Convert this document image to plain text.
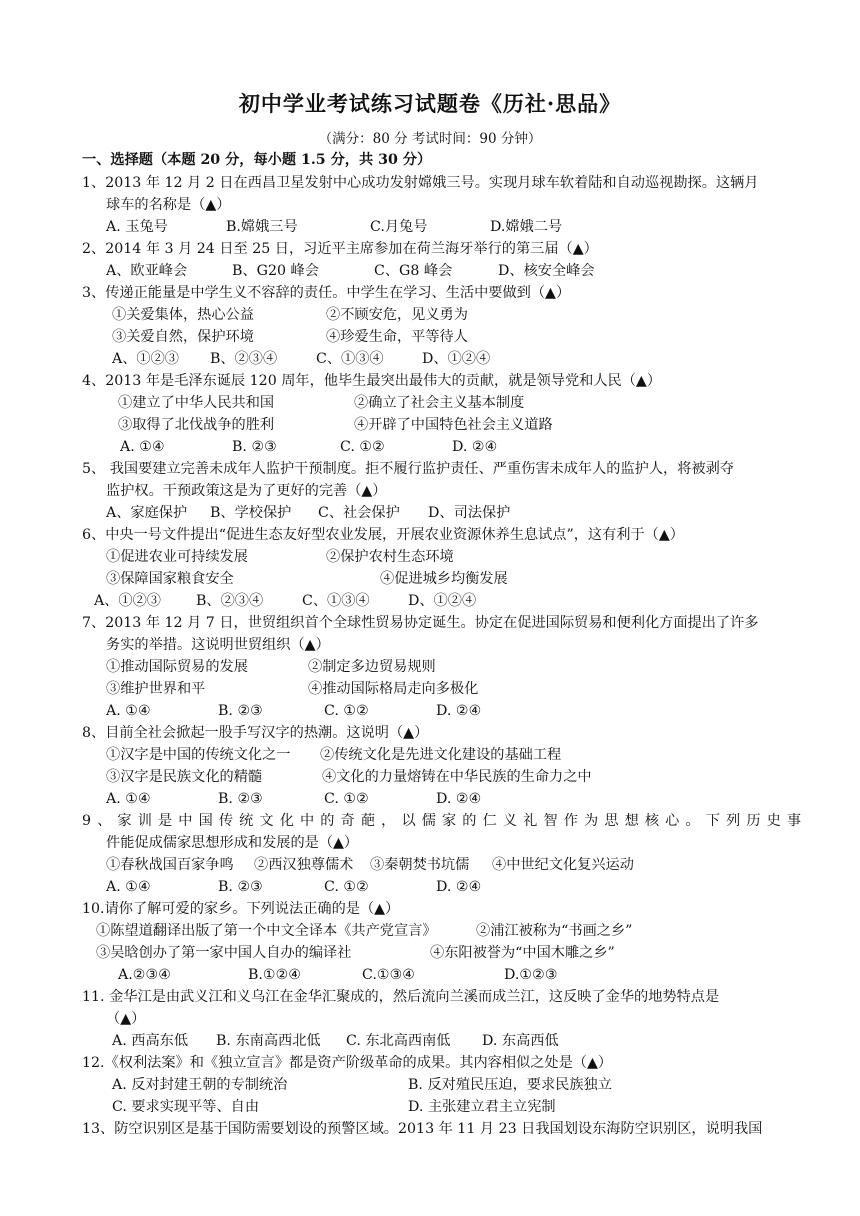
初中学业考试练习试题卷《历社·思品》
（满分：80 分 考试时间：90 分钟）
一、选择题（本题 20 分，每小题 1.5 分，共 30 分）
1、2013 年 12 月 2 日在西昌卫星发射中心成功发射嫦娥三号。实现月球车软着陆和自动巡视勘探。这辆月
球车的名称是（▲）
A. 玉兔号	B.嫦娥三号	C.月兔号	D.嫦娥二号
2、2014 年 3 月 24 日至 25 日，习近平主席参加在荷兰海牙举行的第三届（▲）
A、欧亚峰会	B、G20 峰会	C、G8 峰会	D、核安全峰会
3、传递正能量是中学生义不容辞的责任。中学生在学习、生活中要做到（▲）
①关爱集体，热心公益	②不顾安危，见义勇为
③关爱自然，保护环境	④珍爱生命，平等待人
A、①②③ B、②③④	C、①③④	D、①②④
4、2013 年是毛泽东诞辰 120 周年，他毕生最突出最伟大的贡献，就是领导党和人民（▲）
①建立了中华人民共和国	②确立了社会主义基本制度
③取得了北伐战争的胜利	④开辟了中国特色社会主义道路
A. ①④	B. ②③	C. ①②	D. ②④
5、 我国要建立完善未成年人监护干预制度。拒不履行监护责任、严重伤害未成年人的监护人，将被剥夺
监护权。干预政策这是为了更好的完善（▲）
A、家庭保护 B、学校保护 C、社会保护 D、司法保护
6、中央一号文件提出“促进生态友好型农业发展，开展农业资源休养生息试点”，这有利于（▲）
①促进农业可持续发展	②保护农村生态环境
③保障国家粮食安全	④促进城乡均衡发展
A、①②③ B、②③④	C、①③④	D、①②④
7、2013 年 12 月 7 日，世贸组织首个全球性贸易协定诞生。协定在促进国际贸易和便利化方面提出了许多
务实的举措。这说明世贸组织（▲）
①推动国际贸易的发展	②制定多边贸易规则
③维护世界和平	④推动国际格局走向多极化
A. ①④	B. ②③	C. ①②	D. ②④
8、目前全社会掀起一股手写汉字的热潮。这说明（▲）
①汉字是中国的传统文化之一 ②传统文化是先进文化建设的基础工程
③汉字是民族文化的精髓	④文化的力量熔铸在中华民族的生命力之中
A. ①④	B. ②③	C. ①②	D. ②④
9、家训是中国传统文化中的奇葩，以儒家的仁义礼智作为思想核心。下列历史事
件能促成儒家思想形成和发展的是（▲）
①春秋战国百家争鸣 ②西汉独尊儒术 ③秦朝焚书坑儒 ④中世纪文化复兴运动
A. ①④	B. ②③	C. ①②	D. ②④
10.请你了解可爱的家乡。下列说法正确的是（▲）
①陈望道翻译出版了第一个中文全译本《共产党宣言》	②浦江被称为“书画之乡”
③吴晗创办了第一家中国人自办的编译社	④东阳被誉为“中国木雕之乡”
A.②③④	B.①②④	C.①③④	D.①②③
11. 金华江是由武义江和义乌江在金华汇聚成的，然后流向兰溪而成兰江，这反映了金华的地势特点是
（▲）
A. 西高东低 B. 东南高西北低 C. 东北高西南低 D. 东高西低
12.《权利法案》和《独立宣言》都是资产阶级革命的成果。其内容相似之处是（▲）
A. 反对封建王朝的专制统治	B. 反对殖民压迫，要求民族独立
C. 要求实现平等、自由	D. 主张建立君主立宪制
13、防空识别区是基于国防需要划设的预警区域。2013 年 11 月 23 日我国划设东海防空识别区，说明我国
